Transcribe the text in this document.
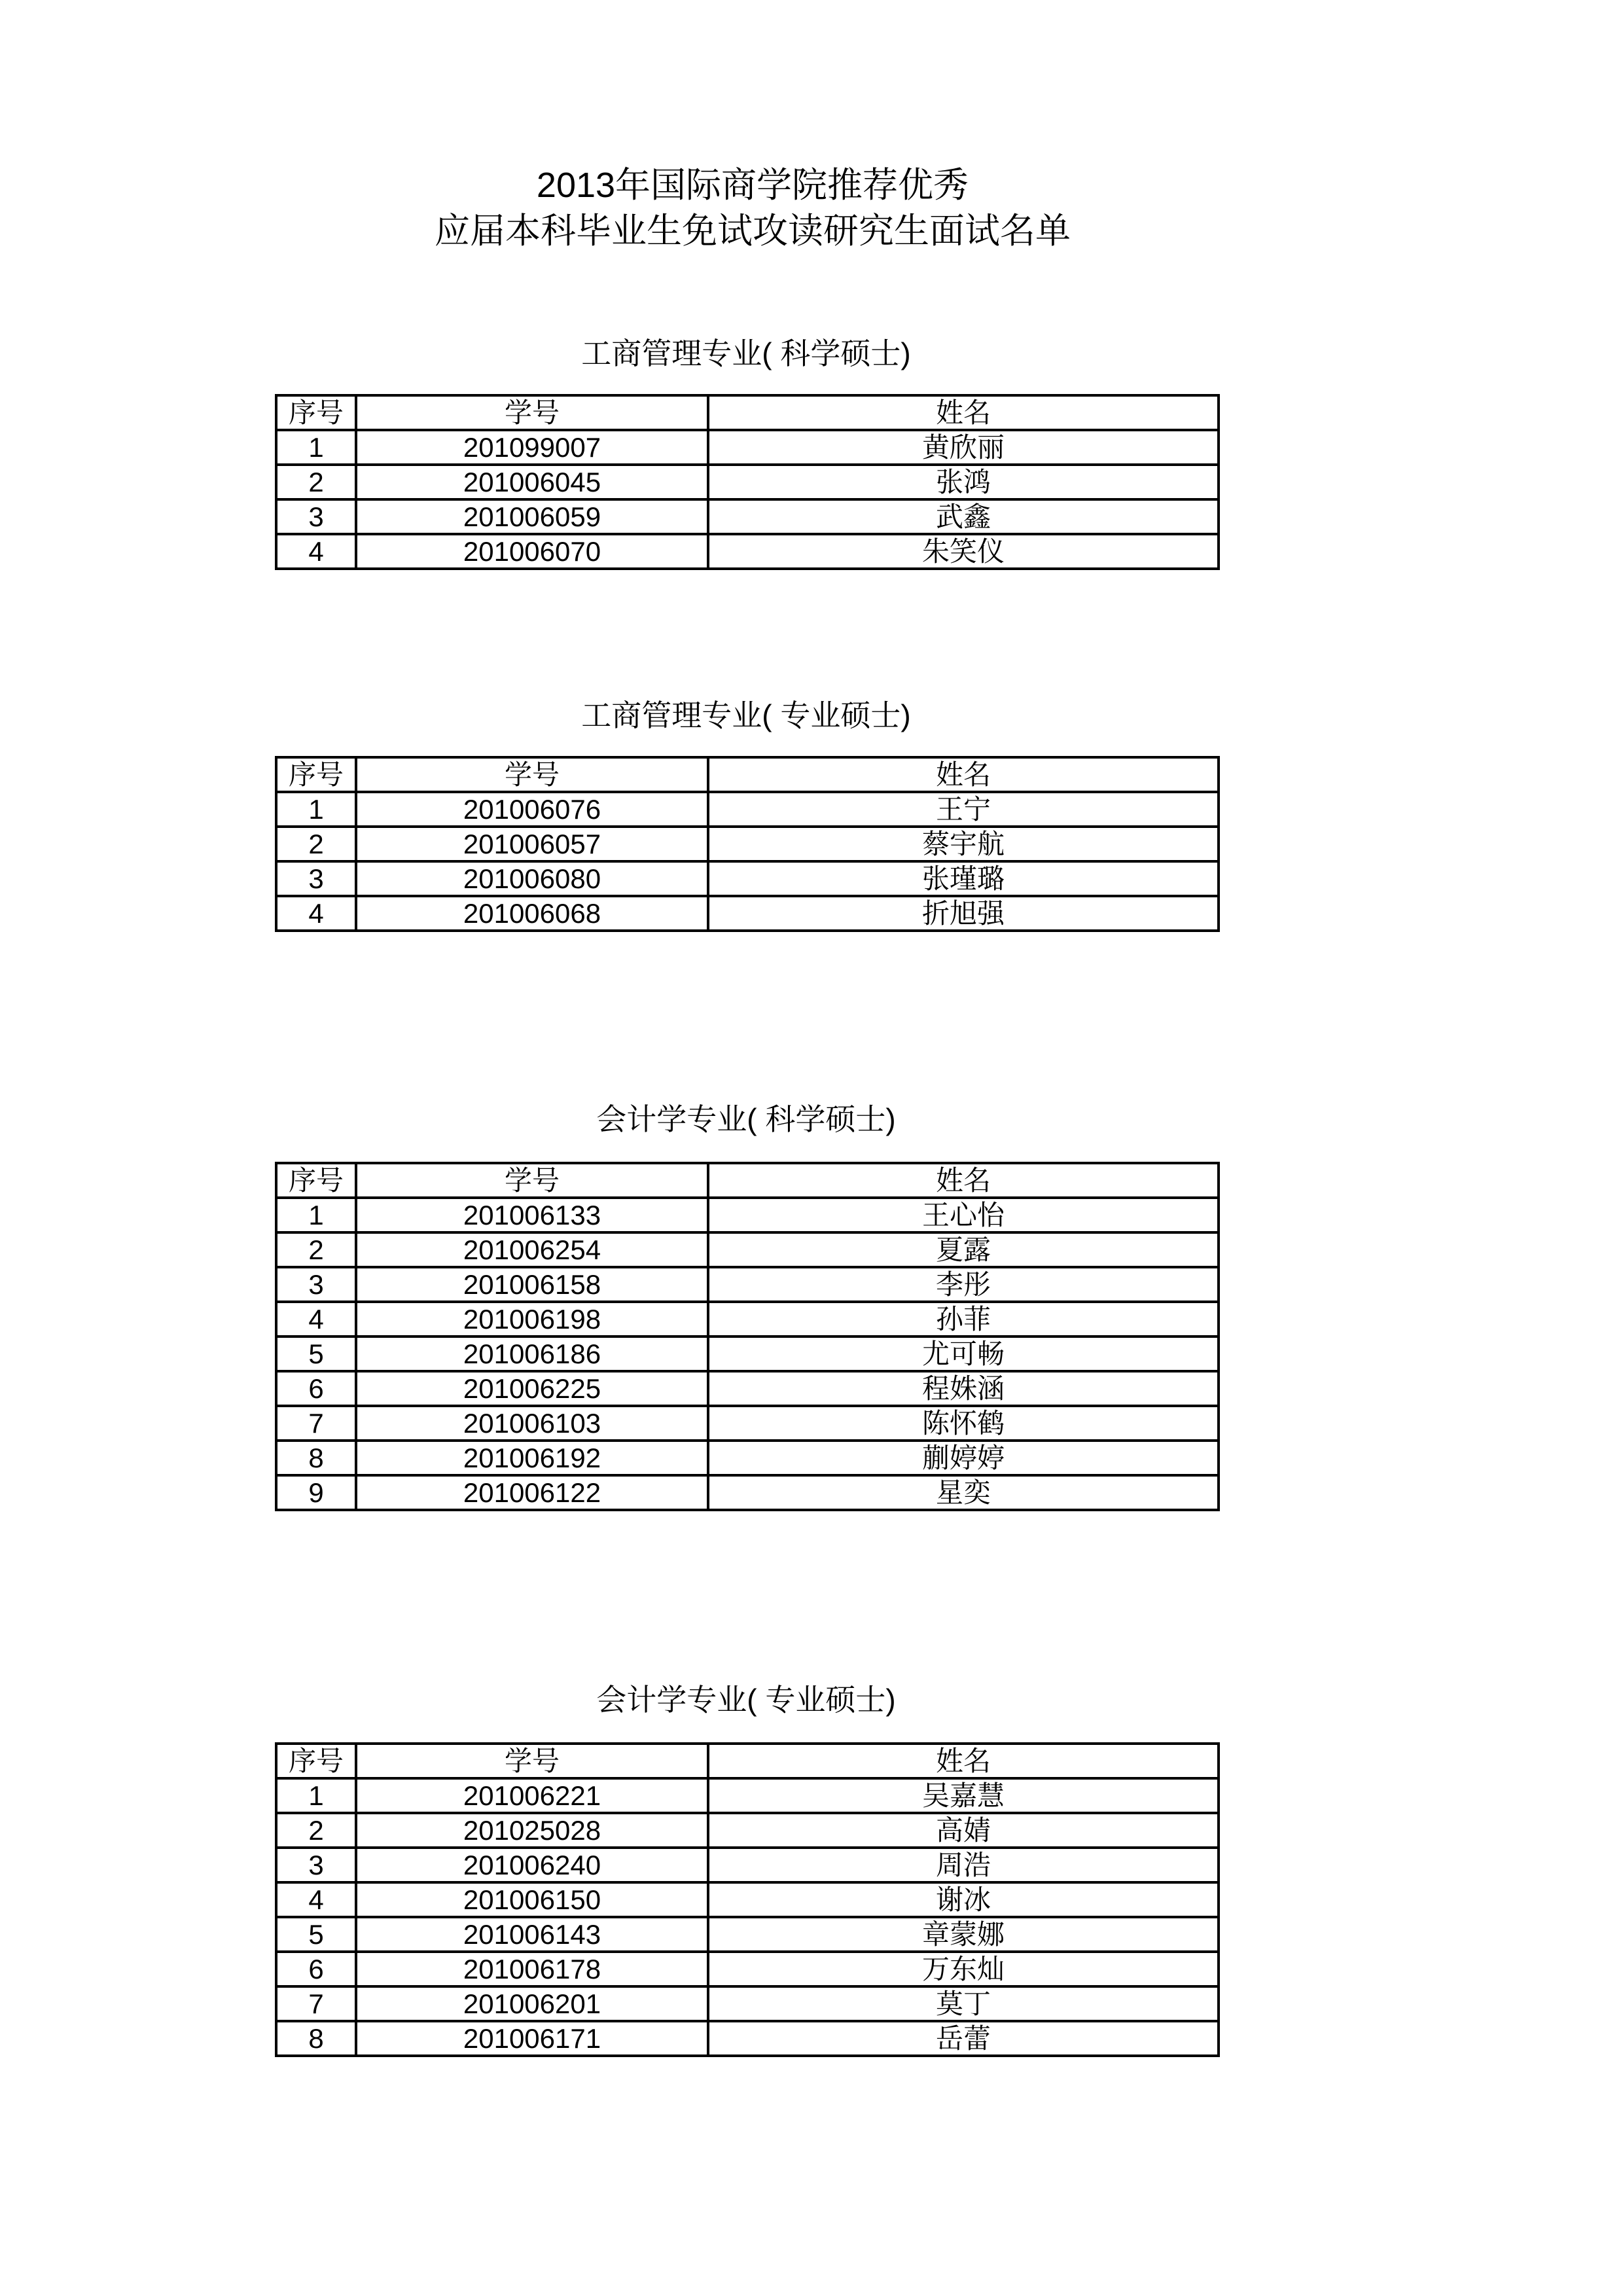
2013年国际商学院推荐优秀
应届本科毕业生免试攻读研究生面试名单
工商管理专业( 科学硕士)
序号	学号	姓名
1	201099007	黄欣丽
2	201006045	张鸿
3	201006059	武鑫
4	201006070	朱笑仪
工商管理专业( 专业硕士)
序号	学号	姓名
1	201006076	王宁
2	201006057	蔡宇航
3	201006080	张瑾璐
4	201006068	折旭强
会计学专业( 科学硕士)
序号	学号	姓名
1	201006133	王心怡
2	201006254	夏露
3	201006158	李彤
4	201006198	孙菲
5	201006186	尤可畅
6	201006225	程姝涵
7	201006103	陈怀鹤
8	201006192	蒯婷婷
9	201006122	星奕
会计学专业( 专业硕士)
序号	学号	姓名
1	201006221	吴嘉慧
2	201025028	高婧
3	201006240	周浩
4	201006150	谢冰
5	201006143	章蒙娜
6	201006178	万东灿
7	201006201	莫丁
8	201006171	岳蕾
